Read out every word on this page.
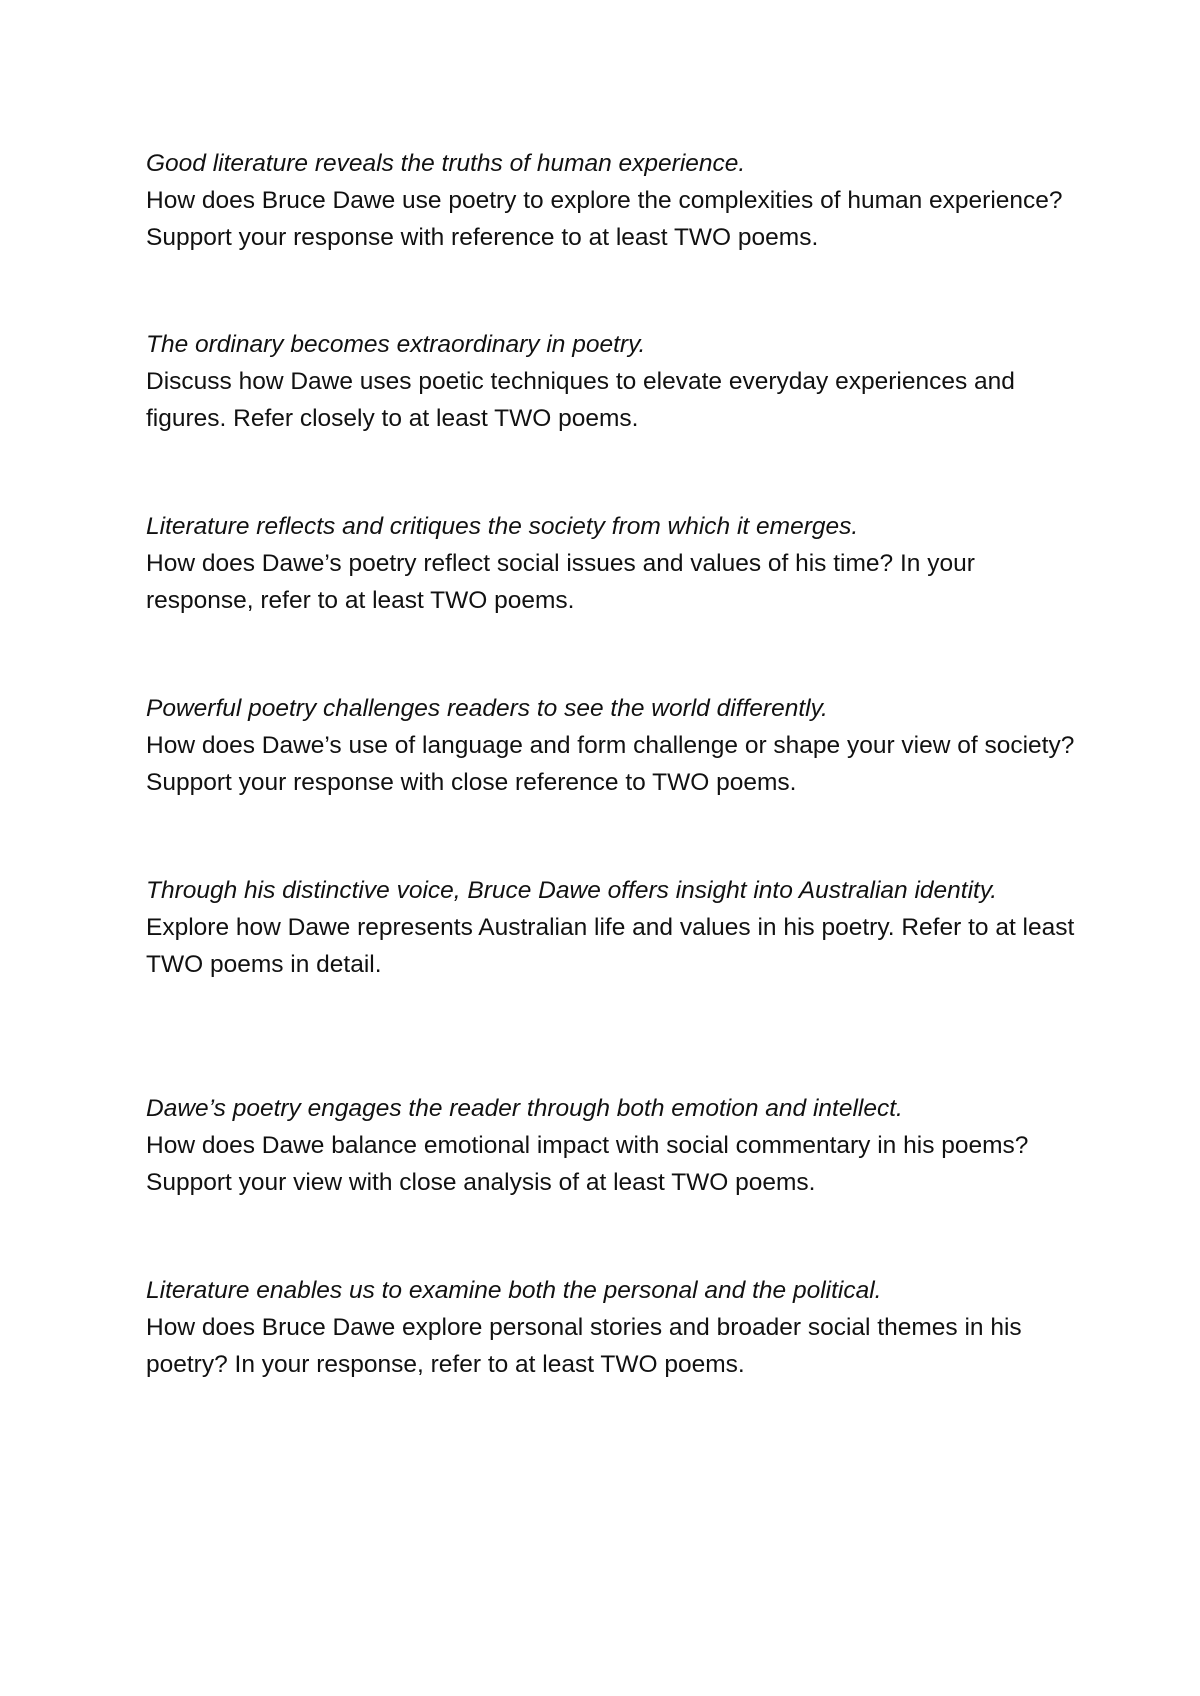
Good literature reveals the truths of human experience.
How does Bruce Dawe use poetry to explore the complexities of human experience? Support your response with reference to at least TWO poems.
The ordinary becomes extraordinary in poetry.
Discuss how Dawe uses poetic techniques to elevate everyday experiences and figures. Refer closely to at least TWO poems.
Literature reflects and critiques the society from which it emerges.
How does Dawe’s poetry reflect social issues and values of his time? In your response, refer to at least TWO poems.
Powerful poetry challenges readers to see the world differently.
How does Dawe’s use of language and form challenge or shape your view of society? Support your response with close reference to TWO poems.
Through his distinctive voice, Bruce Dawe offers insight into Australian identity.
Explore how Dawe represents Australian life and values in his poetry. Refer to at least TWO poems in detail.
Dawe’s poetry engages the reader through both emotion and intellect.
How does Dawe balance emotional impact with social commentary in his poems? Support your view with close analysis of at least TWO poems.
Literature enables us to examine both the personal and the political.
How does Bruce Dawe explore personal stories and broader social themes in his poetry? In your response, refer to at least TWO poems.
